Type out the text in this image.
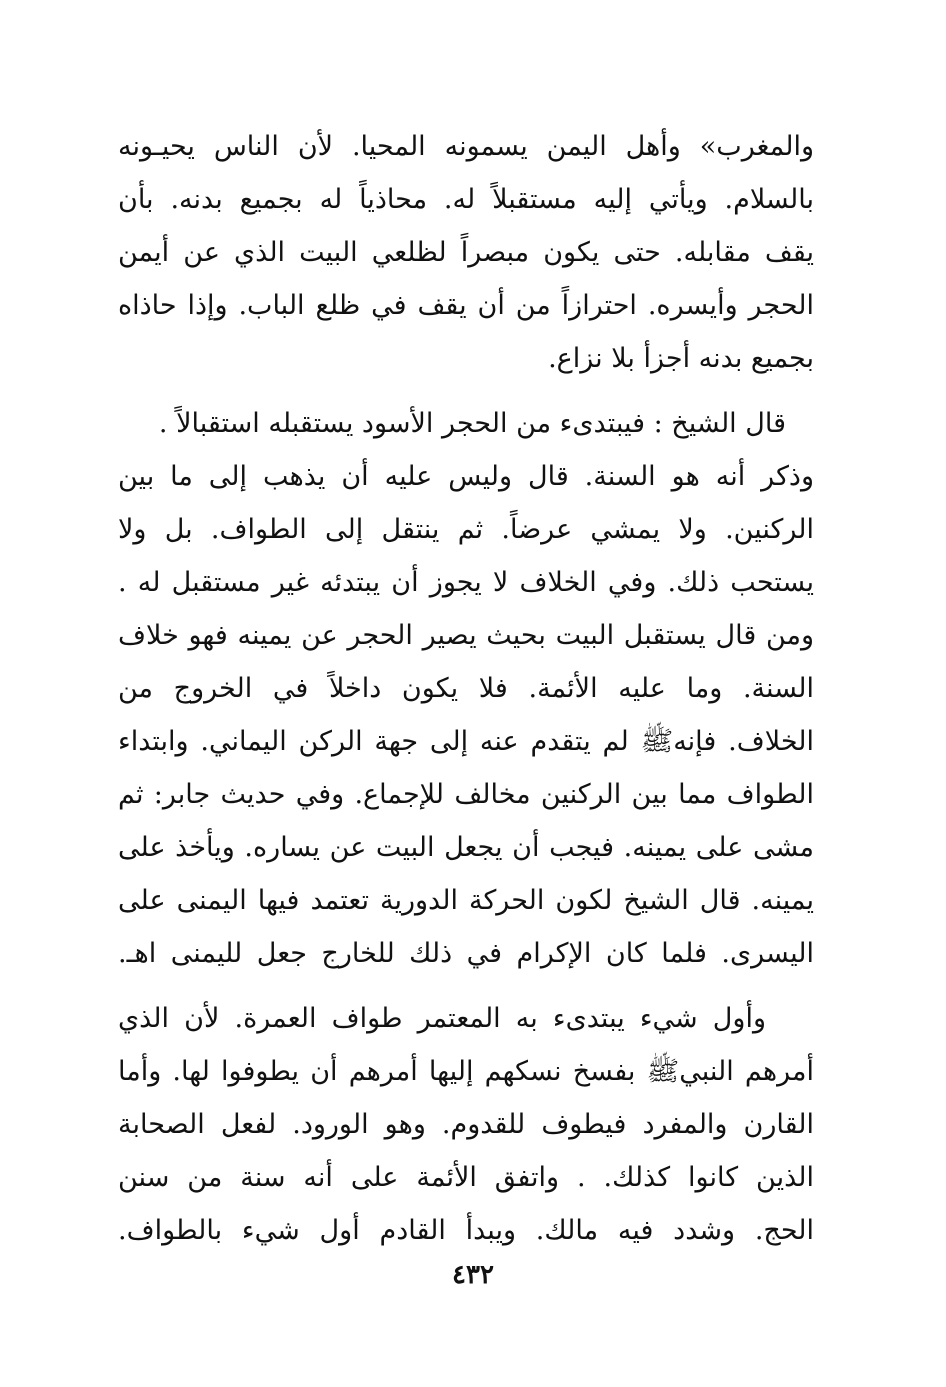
والمغرب» وأهل اليمن يسمونه المحيا. لأن الناس يحيـونه
بالسلام. ويأتي إليه مستقبلاً له. محاذياً له بجميع بدنه. بأن
يقف مقابله. حتى يكون مبصراً لظلعي البيت الذي عن أيمن
الحجر وأيسره. احترازاً من أن يقف في ظلع الباب. وإذا حاذاه
بجميع بدنه أجزأ بلا نزاع.

قال الشيخ : فيبتدىء من الحجر الأسود يستقبله استقبالاً .
وذكر أنه هو السنة. قال وليس عليه أن يذهب إلى ما بين
الركنين. ولا يمشي عرضاً. ثم ينتقل إلى الطواف. بل ولا
يستحب ذلك. وفي الخلاف لا يجوز أن يبتدئه غير مستقبل له .
ومن قال يستقبل البيت بحيث يصير الحجر عن يمينه فهو خلاف
السنة. وما عليه الأئمة. فلا يكون داخلاً في الخروج من
الخلاف. فإنهﷺ لم يتقدم عنه إلى جهة الركن اليماني. وابتداء
الطواف مما بين الركنين مخالف للإجماع. وفي حديث جابر: ثم
مشى على يمينه. فيجب أن يجعل البيت عن يساره. ويأخذ على
يمينه. قال الشيخ لكون الحركة الدورية تعتمد فيها اليمنى على
اليسرى. فلما كان الإكرام في ذلك للخارج جعل لليمنى اهـ.

وأول شيء يبتدىء به المعتمر طواف العمرة. لأن الذي
أمرهم النبيﷺ بفسخ نسكهم إليها أمرهم أن يطوفوا لها. وأما
القارن والمفرد فيطوف للقدوم. وهو الورود. لفعل الصحابة
الذين كانوا كذلك. . واتفق الأئمة على أنه سنة من سنن
الحج. وشدد فيه مالك. ويبدأ القادم أول شيء بالطواف.

٤٣٢
